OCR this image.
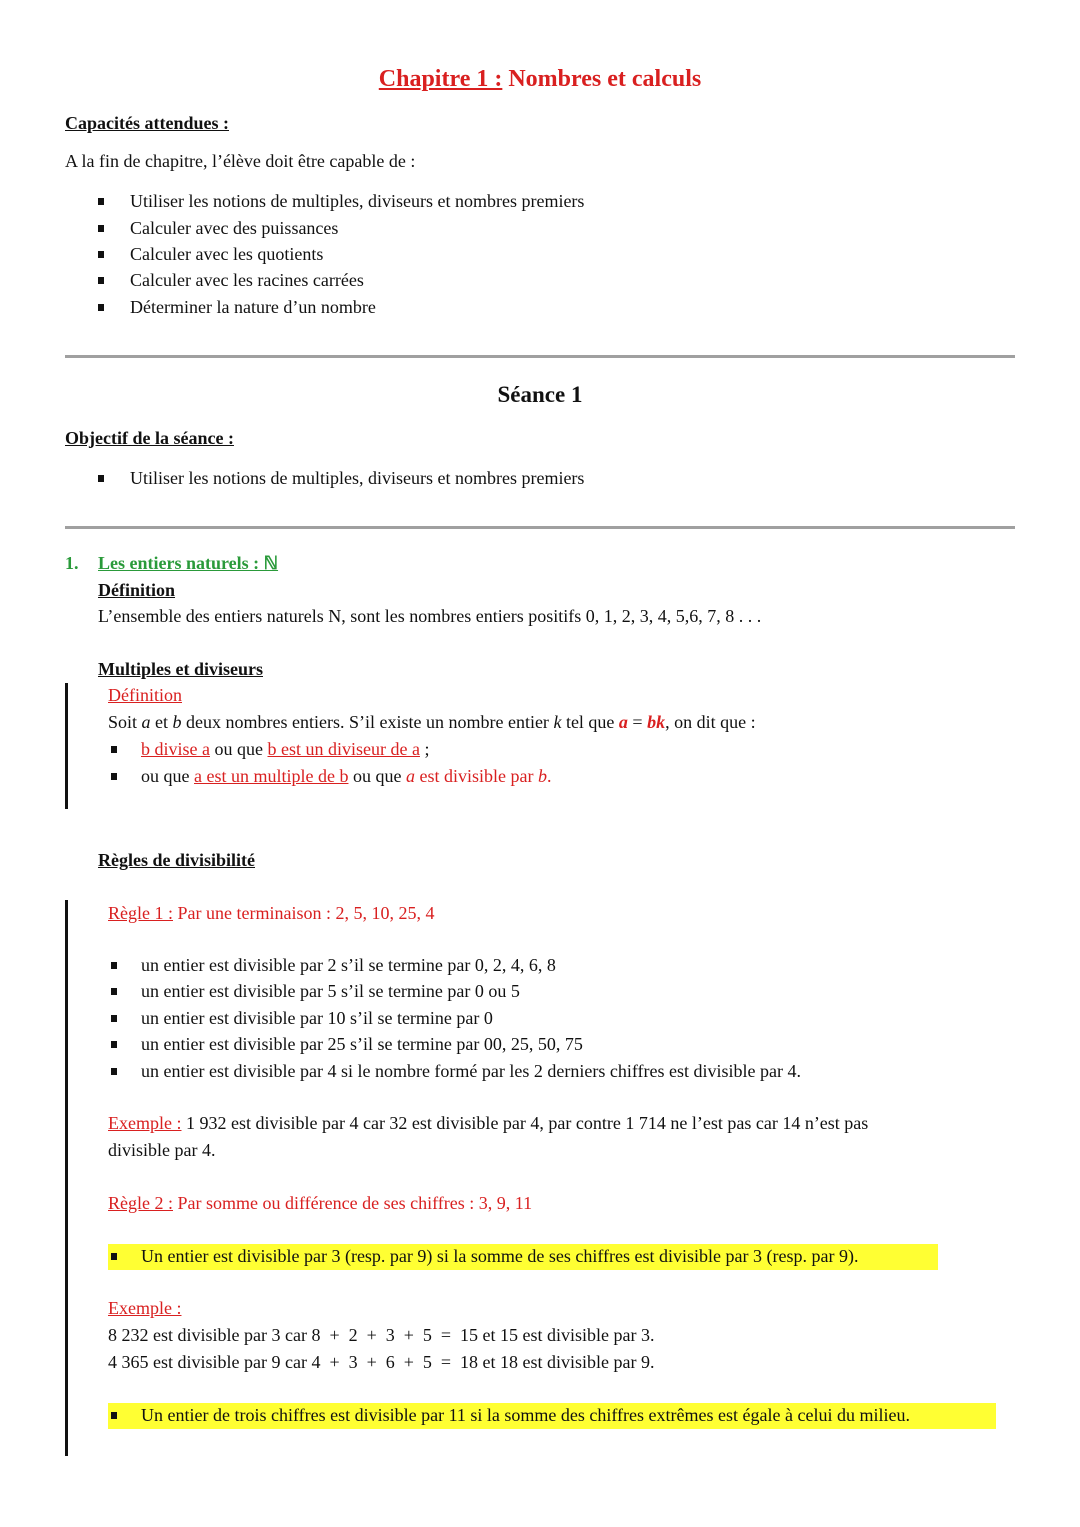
Chapitre 1 : Nombres et calculs
Capacités attendues :
A la fin de chapitre, l’élève doit être capable de :
Utiliser les notions de multiples, diviseurs et nombres premiers
Calculer avec des puissances
Calculer avec les quotients
Calculer avec les racines carrées
Déterminer la nature d’un nombre
Séance 1
Objectif de la séance :
Utiliser les notions de multiples, diviseurs et nombres premiers
1. Les entiers naturels : ℕ
Définition
L’ensemble des entiers naturels N, sont les nombres entiers positifs 0, 1, 2, 3, 4, 5,6, 7, 8 . . .
Multiples et diviseurs
Définition
Soit a et b deux nombres entiers. S’il existe un nombre entier k tel que a = bk, on dit que :
b divise a ou que b est un diviseur de a ;
ou que a est un multiple de b ou que a est divisible par b.
Règles de divisibilité
Règle 1 : Par une terminaison : 2, 5, 10, 25, 4
un entier est divisible par 2 s’il se termine par 0, 2, 4, 6, 8
un entier est divisible par 5 s’il se termine par 0 ou 5
un entier est divisible par 10 s’il se termine par 0
un entier est divisible par 25 s’il se termine par 00, 25, 50, 75
un entier est divisible par 4 si le nombre formé par les 2 derniers chiffres est divisible par 4.
Exemple : 1 932 est divisible par 4 car 32 est divisible par 4, par contre 1 714 ne l’est pas car 14 n’est pas
divisible par 4.
Règle 2 : Par somme ou différence de ses chiffres : 3, 9, 11
Un entier est divisible par 3 (resp. par 9) si la somme de ses chiffres est divisible par 3 (resp. par 9).
Exemple :
8 232 est divisible par 3 car 8  +  2  +  3  +  5  =  15 et 15 est divisible par 3.
4 365 est divisible par 9 car 4  +  3  +  6  +  5  =  18 et 18 est divisible par 9.
Un entier de trois chiffres est divisible par 11 si la somme des chiffres extrêmes est égale à celui du milieu.
